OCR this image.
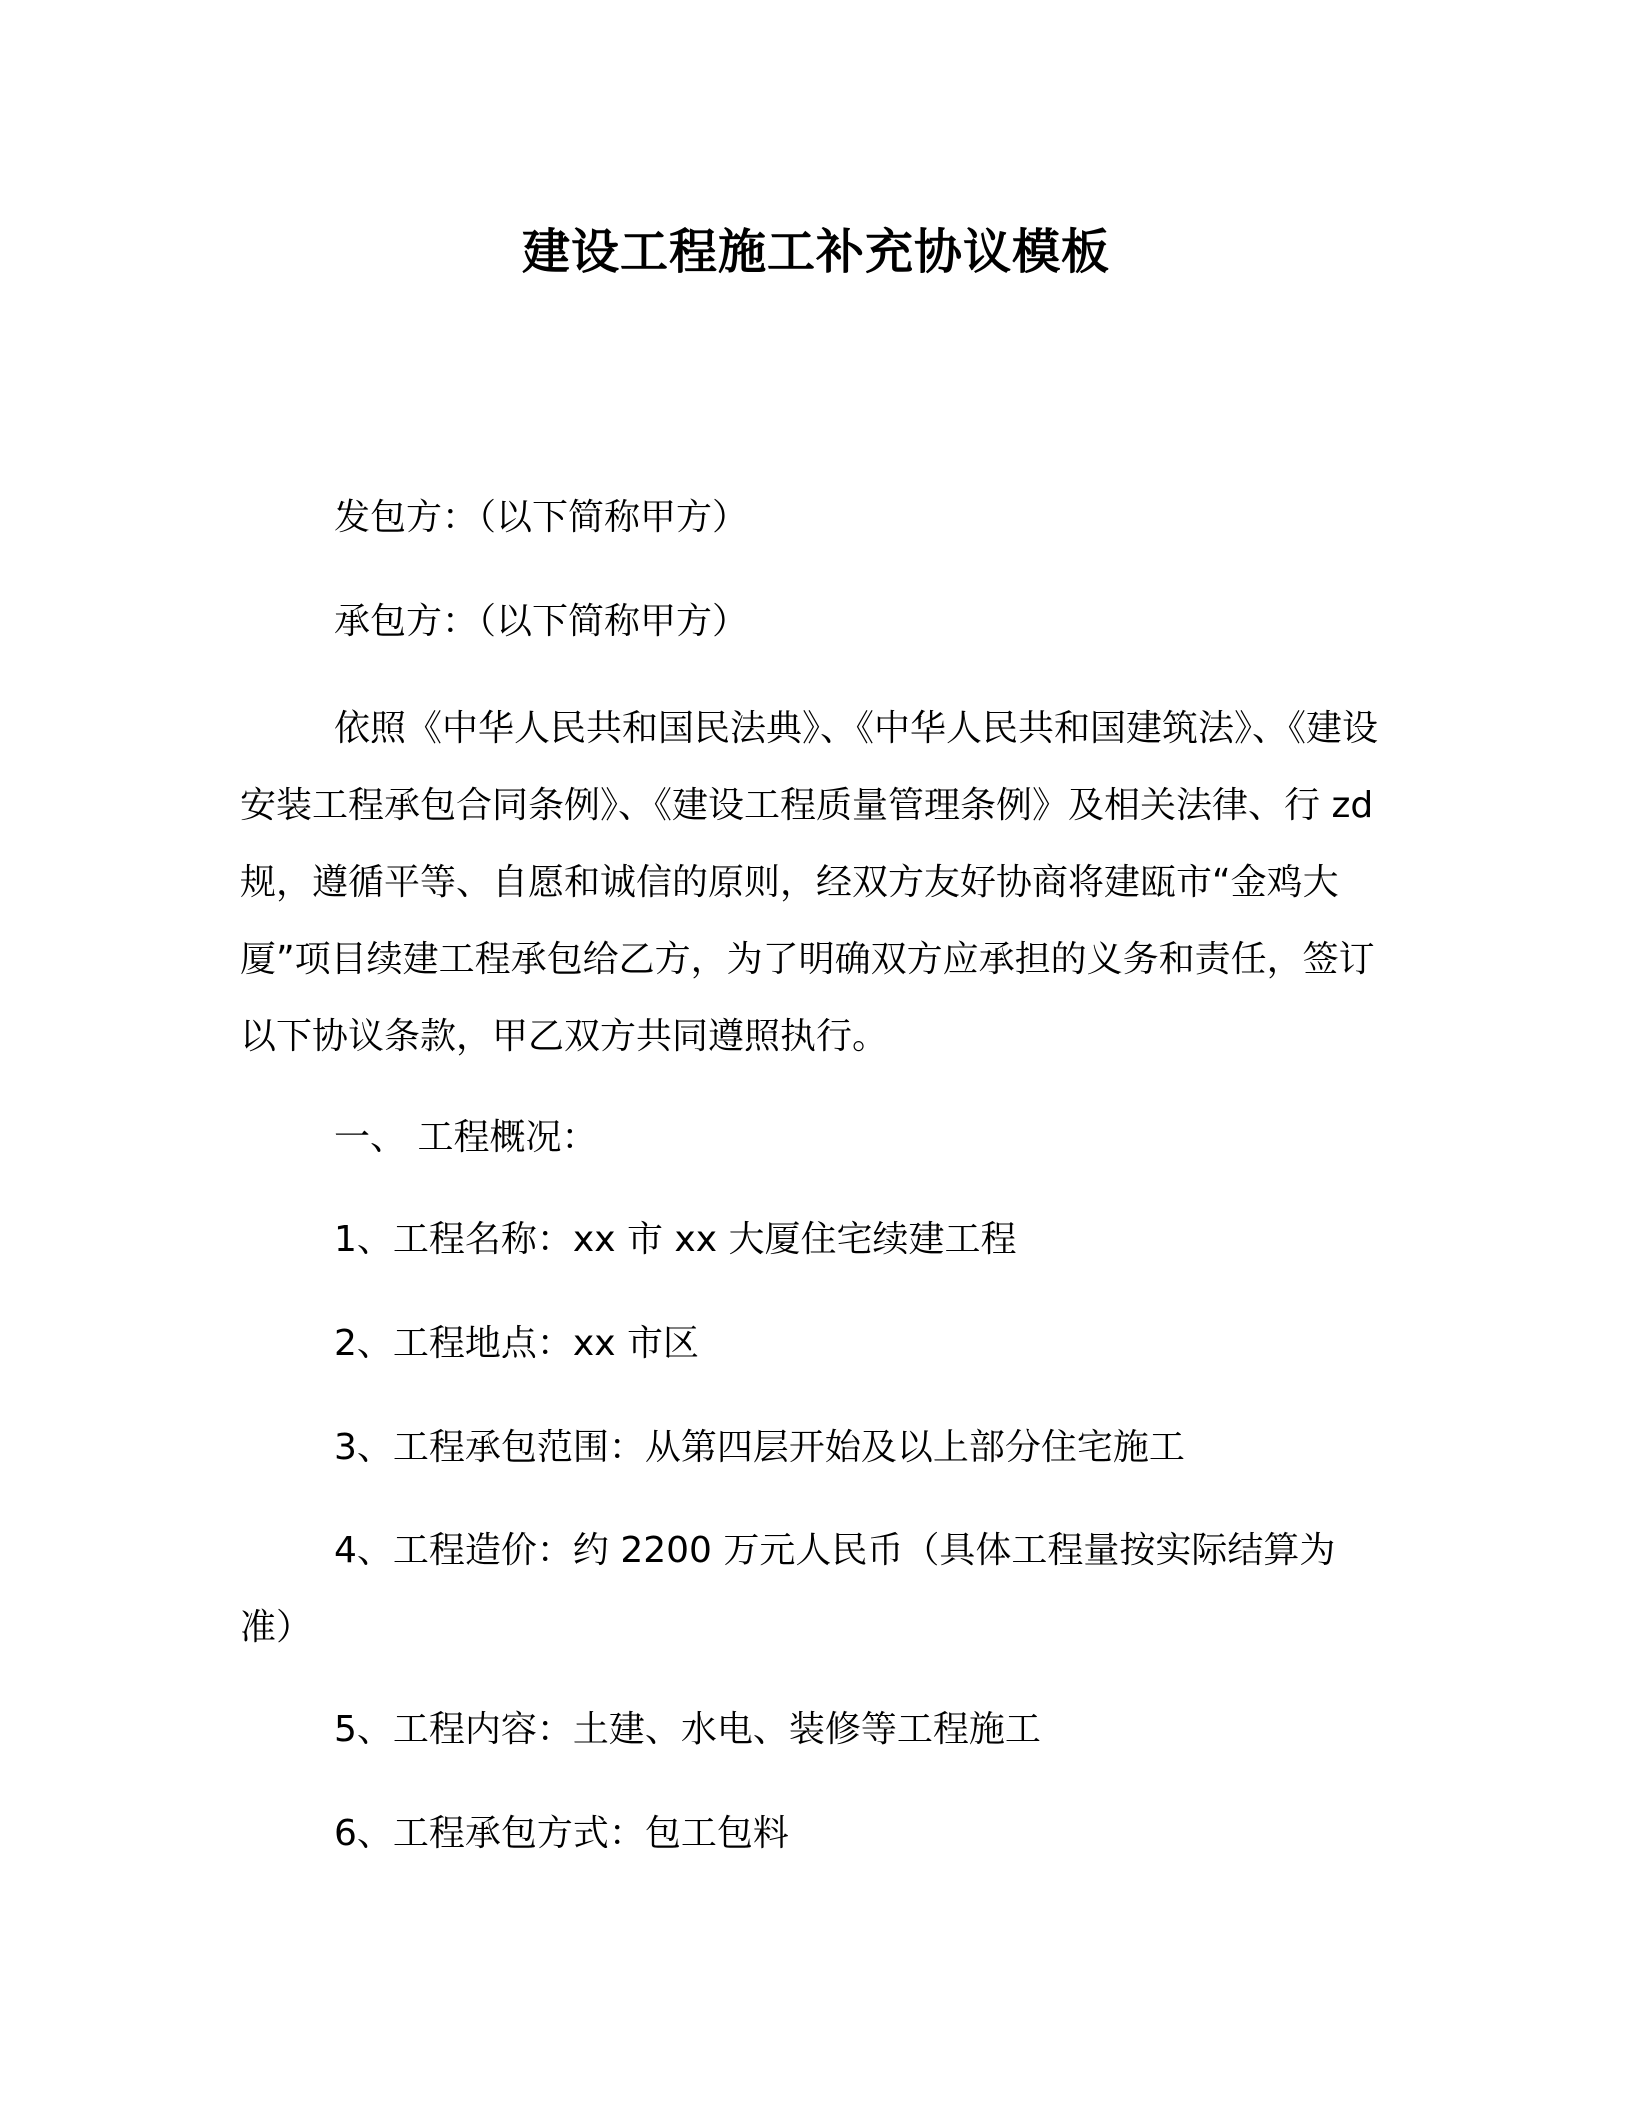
建设工程施工补充协议模板
发包方：（以下简称甲方）
承包方：（以下简称甲方）
依照《中华人民共和国民法典》、《中华人民共和国建筑法》、《建设安装工程承包合同条例》、《建设工程质量管理条例》及相关法律、行 zd 规，遵循平等、自愿和诚信的原则，经双方友好协商将建瓯市“金鸡大厦”项目续建工程承包给乙方，为了明确双方应承担的义务和责任，签订以下协议条款，甲乙双方共同遵照执行。
一、 工程概况：
1、工程名称：xx 市 xx 大厦住宅续建工程
2、工程地点：xx 市区
3、工程承包范围：从第四层开始及以上部分住宅施工
4、工程造价：约 2200 万元人民币（具体工程量按实际结算为准）
5、工程内容：土建、水电、装修等工程施工
6、工程承包方式：包工包料
